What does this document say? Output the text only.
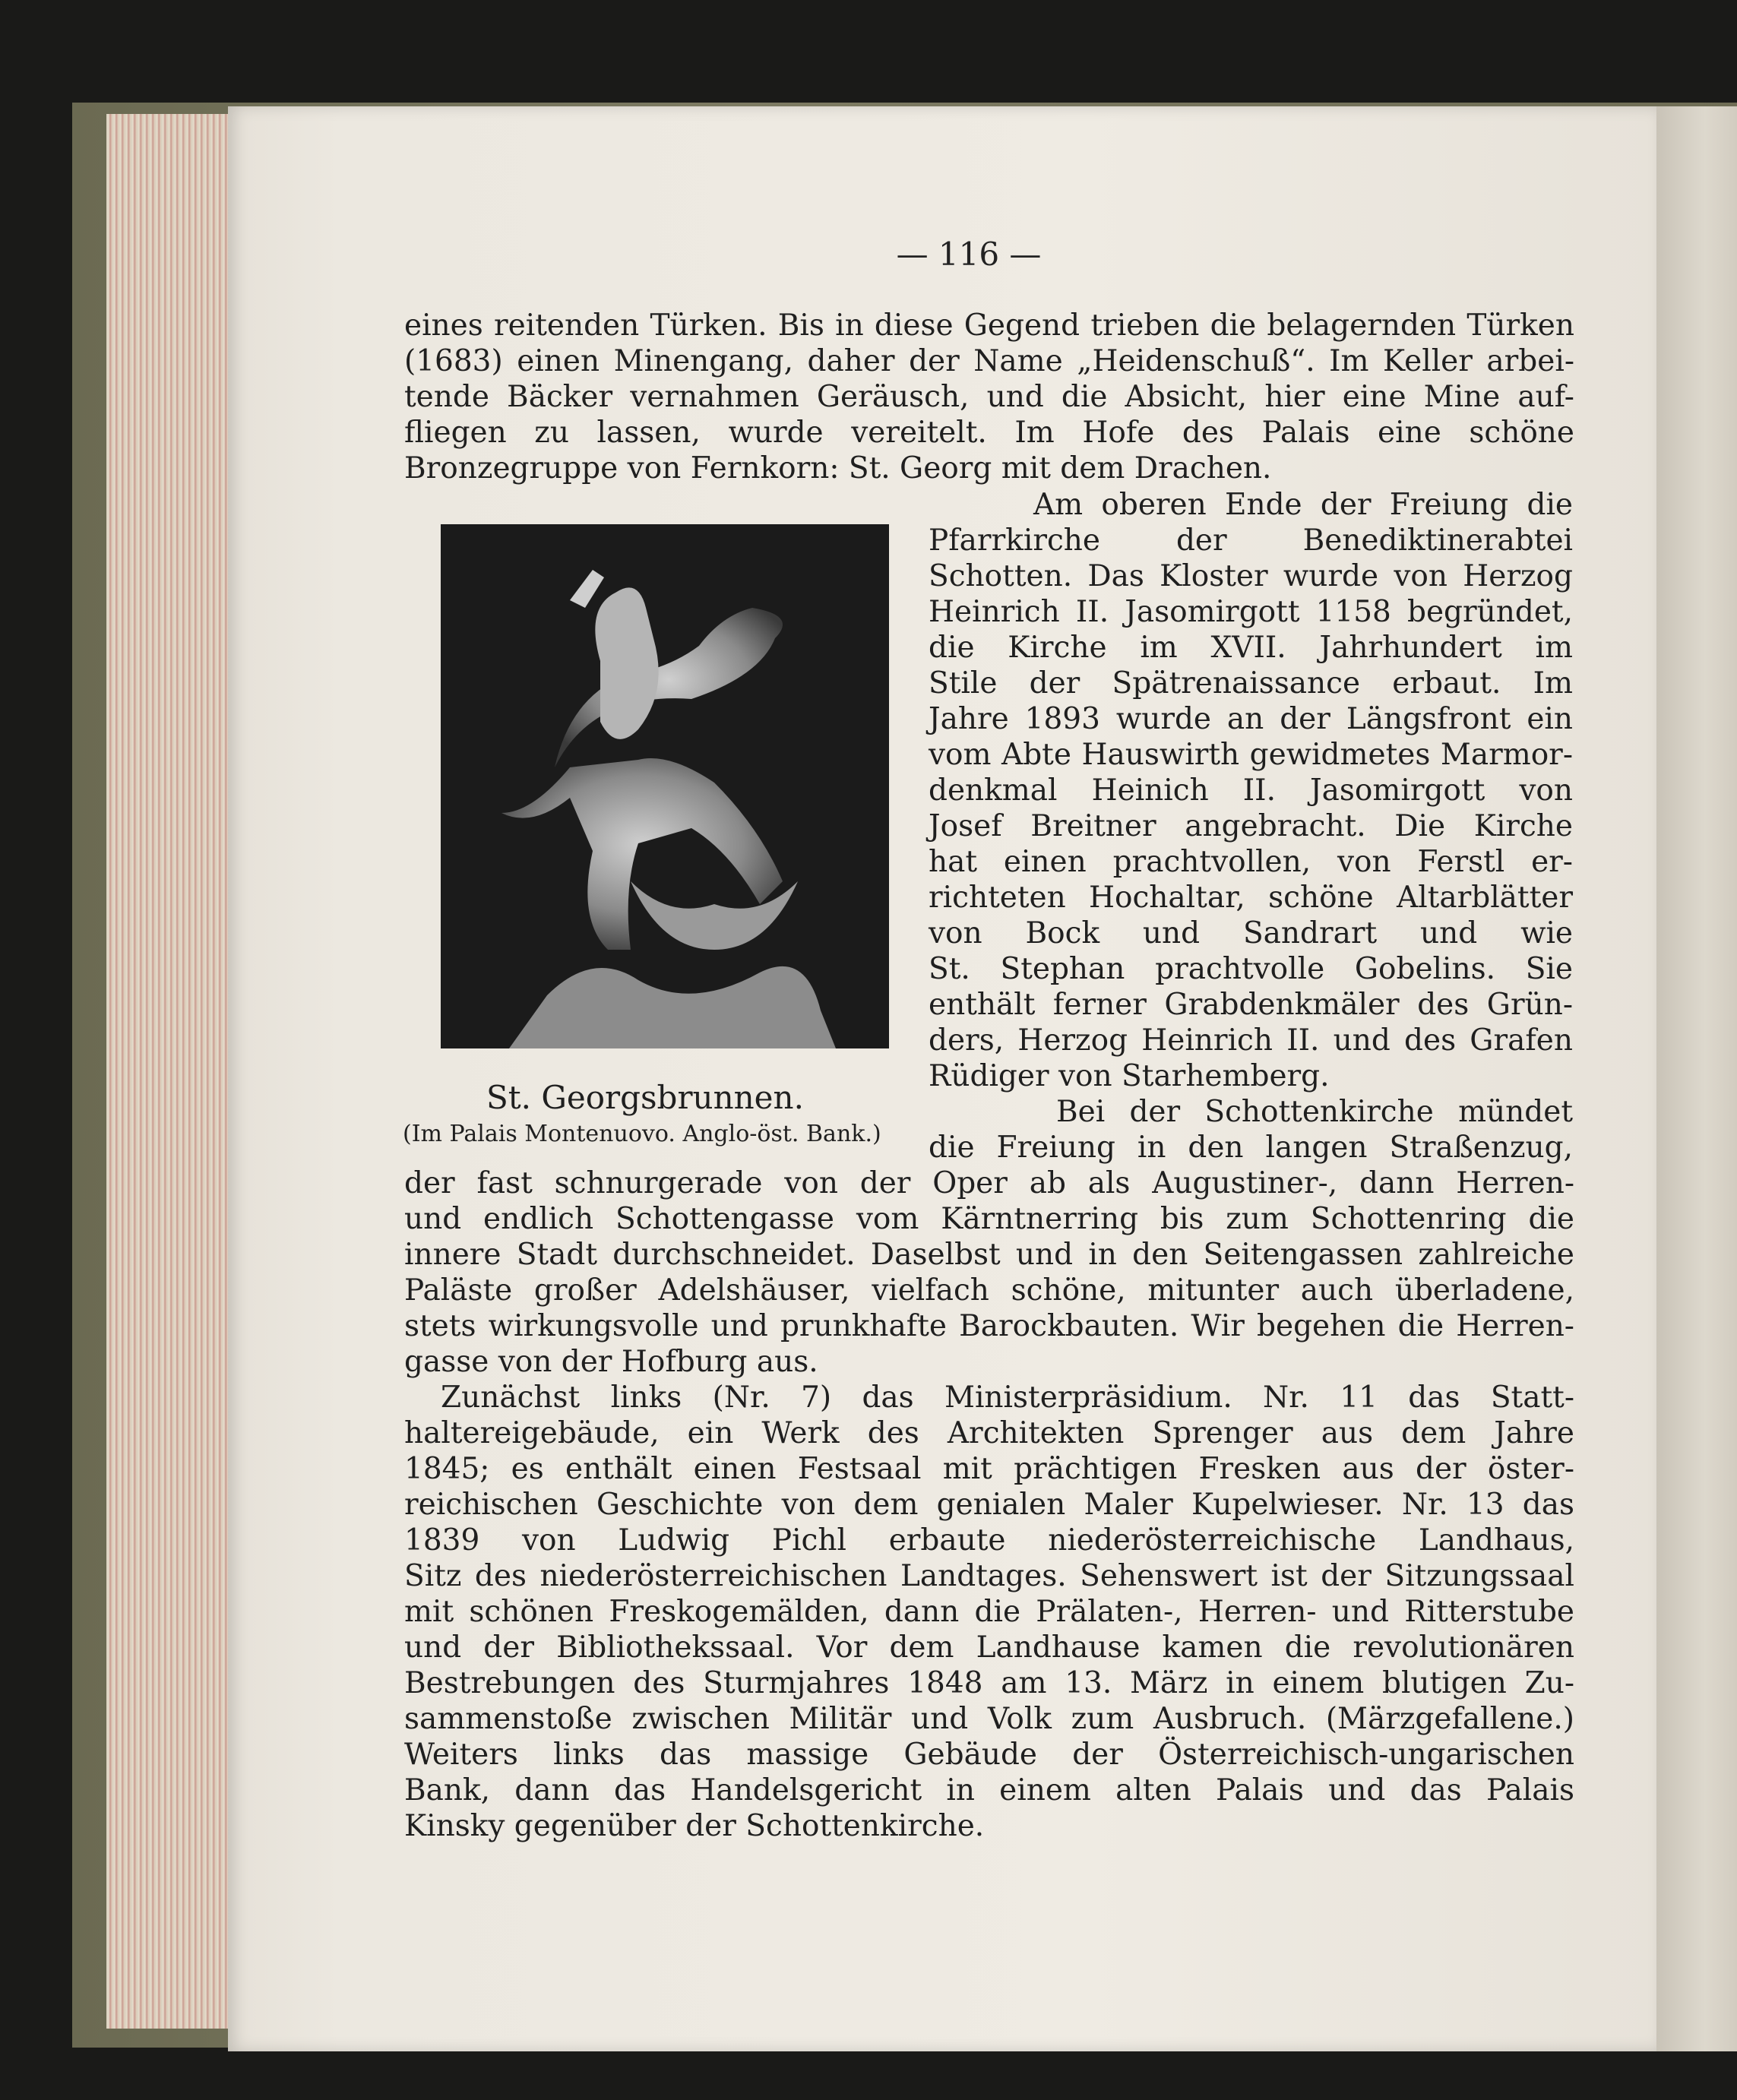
— 116 —
eines reitenden Türken. Bis in diese Gegend trieben die belagernden Türken
(1683) einen Minengang, daher der Name „Heidenschuß“. Im Keller arbei-
tende Bäcker vernahmen Geräusch, und die Absicht, hier eine Mine auf-
fliegen zu lassen, wurde vereitelt. Im Hofe des Palais eine schöne
Bronzegruppe von Fernkorn: St. Georg mit dem Drachen.
St. Georgsbrunnen.
(Im Palais Montenuovo. Anglo-öst. Bank.)
Am oberen Ende der Freiung die
Pfarrkirche der Benediktinerabtei
Schotten. Das Kloster wurde von Herzog
Heinrich II. Jasomirgott 1158 begründet,
die Kirche im XVII. Jahrhundert im
Stile der Spätrenaissance erbaut. Im
Jahre 1893 wurde an der Längsfront ein
vom Abte Hauswirth gewidmetes Marmor-
denkmal Heinich II. Jasomirgott von
Josef Breitner angebracht. Die Kirche
hat einen prachtvollen, von Ferstl er-
richteten Hochaltar, schöne Altarblätter
von Bock und Sandrart und wie
St. Stephan prachtvolle Gobelins. Sie
enthält ferner Grabdenkmäler des Grün-
ders, Herzog Heinrich II. und des Grafen
Rüdiger von Starhemberg.
Bei der Schottenkirche mündet
die Freiung in den langen Straßenzug,
der fast schnurgerade von der Oper ab als Augustiner-, dann Herren-
und endlich Schottengasse vom Kärntnerring bis zum Schottenring die
innere Stadt durchschneidet. Daselbst und in den Seitengassen zahlreiche
Paläste großer Adelshäuser, vielfach schöne, mitunter auch überladene,
stets wirkungsvolle und prunkhafte Barockbauten. Wir begehen die Herren-
gasse von der Hofburg aus.
Zunächst links (Nr. 7) das Ministerpräsidium. Nr. 11 das Statt-
haltereigebäude, ein Werk des Architekten Sprenger aus dem Jahre
1845; es enthält einen Festsaal mit prächtigen Fresken aus der öster-
reichischen Geschichte von dem genialen Maler Kupelwieser. Nr. 13 das
1839 von Ludwig Pichl erbaute niederösterreichische Landhaus,
Sitz des niederösterreichischen Landtages. Sehenswert ist der Sitzungssaal
mit schönen Freskogemälden, dann die Prälaten-, Herren- und Ritterstube
und der Bibliothekssaal. Vor dem Landhause kamen die revolutionären
Bestrebungen des Sturmjahres 1848 am 13. März in einem blutigen Zu-
sammenstoße zwischen Militär und Volk zum Ausbruch. (Märzgefallene.)
Weiters links das massige Gebäude der Österreichisch-ungarischen
Bank, dann das Handelsgericht in einem alten Palais und das Palais
Kinsky gegenüber der Schottenkirche.
